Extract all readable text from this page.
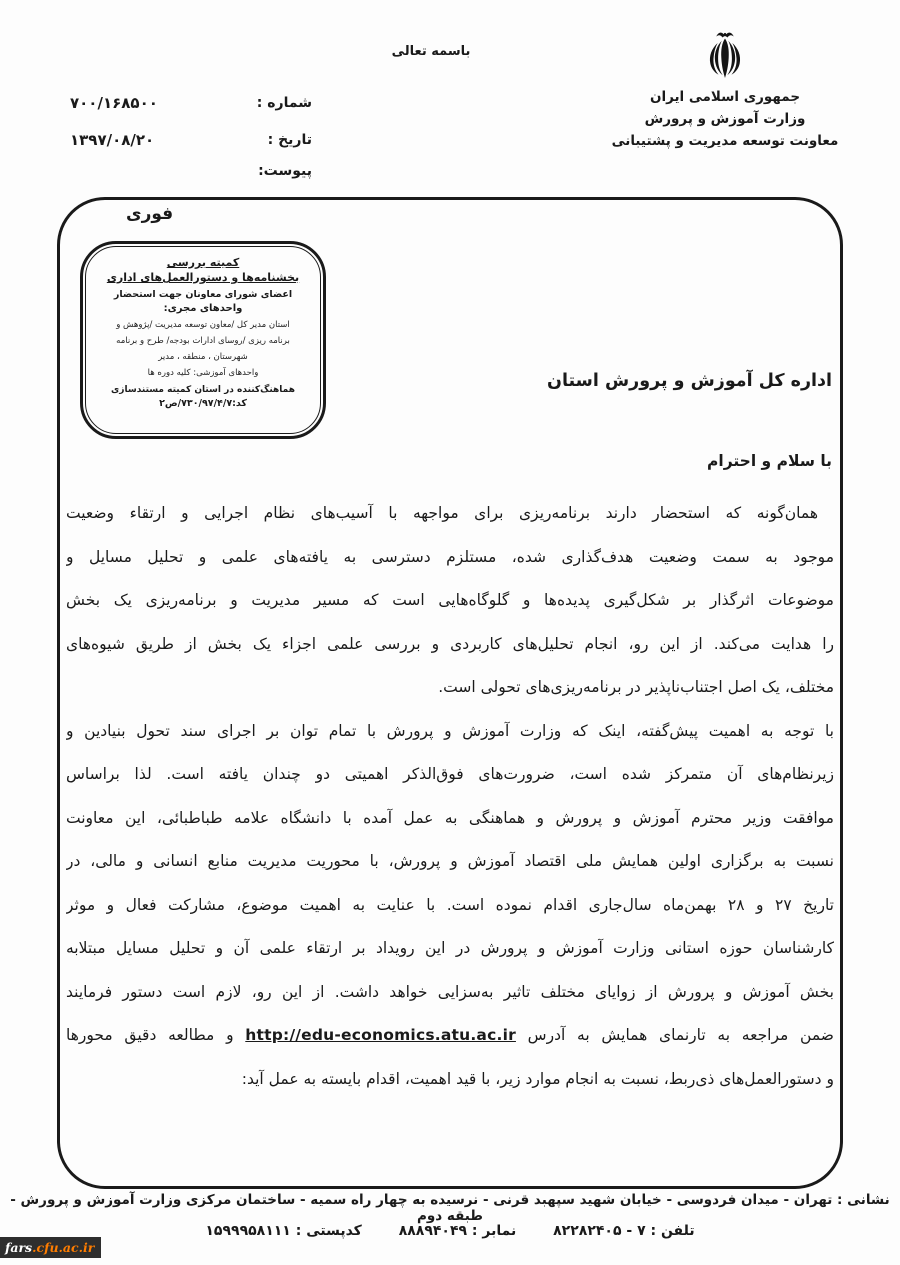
باسمه تعالی
جمهوری اسلامی ایران
وزارت آموزش و پرورش
معاونت توسعه مدیریت و پشتیبانی
شماره :
۷۰۰/۱۶۸۵۰۰
تاریخ :
۱۳۹۷/۰۸/۲۰
پیوست:
فوری
کمیته بررسی
بخشنامه‌ها و دستورالعمل‌های اداری
اعضای شورای معاونان جهت استحضار
واحدهای مجری:
استان مدیر کل /معاون توسعه مدیریت /پژوهش و
برنامه ریزی /روسای ادارات بودجه/ طرح و برنامه
شهرستان ، منطقه ، مدیر
واحدهای آموزشی: کلیه دوره ها
هماهنگ‌کننده در استان کمیته مستندسازی
کد:۷۳۰/۹۷/۴/۷/ص۲
اداره کل آموزش و پرورش استان
با سلام و احترام
همان‌گونه که استحضار دارند برنامه‌ریزی برای مواجهه با آسیب‌های نظام اجرایی و ارتقاء وضعیت
موجود به سمت وضعیت هدف‌گذاری شده، مستلزم دسترسی به یافته‌های علمی و تحلیل مسایل و
موضوعات اثرگذار بر شکل‌گیری پدیده‌ها و گلوگاه‌هایی است که مسیر مدیریت و برنامه‌ریزی یک بخش
را هدایت می‌کند. از این رو، انجام تحلیل‌های کاربردی و بررسی علمی اجزاء یک بخش از طریق شیوه‌های
مختلف، یک اصل اجتناب‌ناپذیر در برنامه‌ریزی‌های تحولی است.
با توجه به اهمیت پیش‌گفته، اینک که وزارت آموزش و پرورش با تمام توان بر اجرای سند تحول بنیادین و
زیرنظام‌های آن متمرکز شده است، ضرورت‌های فوق‌الذکر اهمیتی دو چندان یافته است. لذا براساس
موافقت وزیر محترم آموزش و پرورش و هماهنگی به عمل آمده با دانشگاه علامه طباطبائی، این معاونت
نسبت به برگزاری اولین همایش ملی اقتصاد آموزش و پرورش، با محوریت مدیریت منابع انسانی و مالی، در
تاریخ ۲۷ و ۲۸ بهمن‌ماه سال‌جاری اقدام نموده است. با عنایت به اهمیت موضوع، مشارکت فعال و موثر
کارشناسان حوزه استانی وزارت آموزش و پرورش در این رویداد بر ارتقاء علمی آن و تحلیل مسایل مبتلابه
بخش آموزش و پرورش از زوایای مختلف تاثیر به‌سزایی خواهد داشت. از این رو، لازم است دستور فرمایند
ضمن مراجعه به تارنمای همایش به آدرس http://edu-economics.atu.ac.ir و مطالعه دقیق محورها
و دستورالعمل‌های ذی‌ربط، نسبت به انجام موارد زیر، با قید اهمیت، اقدام بایسته به عمل آید:
نشانی : تهران - میدان فردوسی - خیابان شهید سپهبد قرنی - نرسیده به چهار راه سمیه - ساختمان مرکزی وزارت آموزش و پرورش - طبقه دوم
تلفن : ۷ - ۸۲۲۸۲۴۰۵ نمابر : ۸۸۸۹۴۰۴۹ کدپستی : ۱۵۹۹۹۵۸۱۱۱
fars .cfu.ac.ir
